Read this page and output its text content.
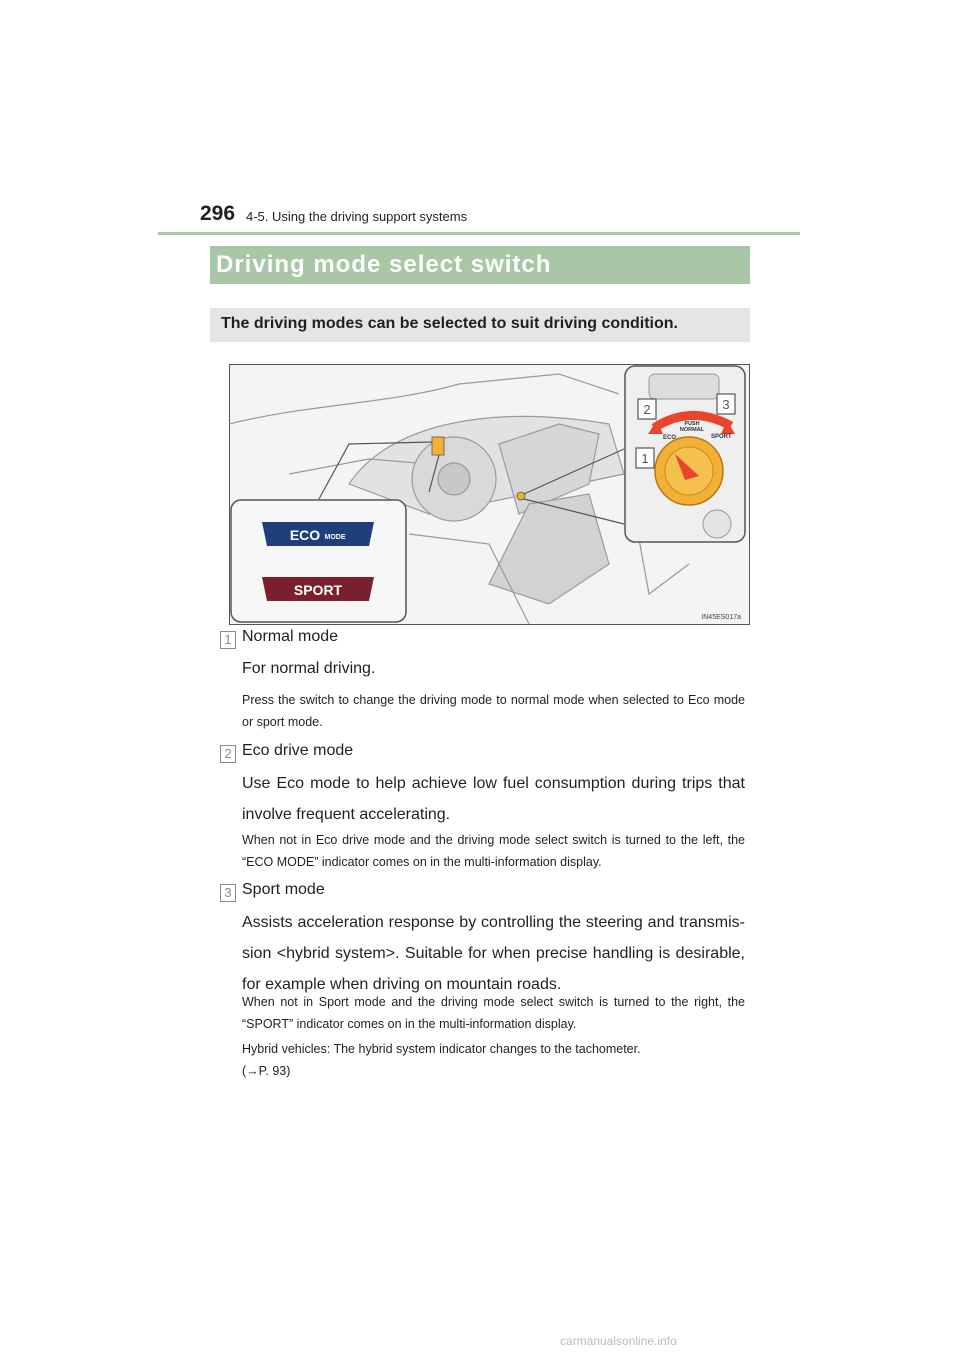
296 4-5. Using the driving support systems
Driving mode select switch
The driving modes can be selected to suit driving condition.
ECO MODE
SPORT
ECO
PUSH
NORMAL
SPORT
2	3
1
IN45ES017a
1 Normal mode
For normal driving.
Press the switch to change the driving mode to normal mode when selected to Eco mode or sport mode.
2 Eco drive mode
Use Eco mode to help achieve low fuel consumption during trips that involve frequent accelerating.
When not in Eco drive mode and the driving mode select switch is turned to the left, the “ECO MODE” indicator comes on in the multi-information display.
3 Sport mode
Assists acceleration response by controlling the steering and transmis-sion <hybrid system>. Suitable for when precise handling is desirable, for example when driving on mountain roads.
When not in Sport mode and the driving mode select switch is turned to the right, the “SPORT” indicator comes on in the multi-information display.
Hybrid vehicles: The hybrid system indicator changes to the tachometer.
(→P. 93)
carmanualsonline.info
